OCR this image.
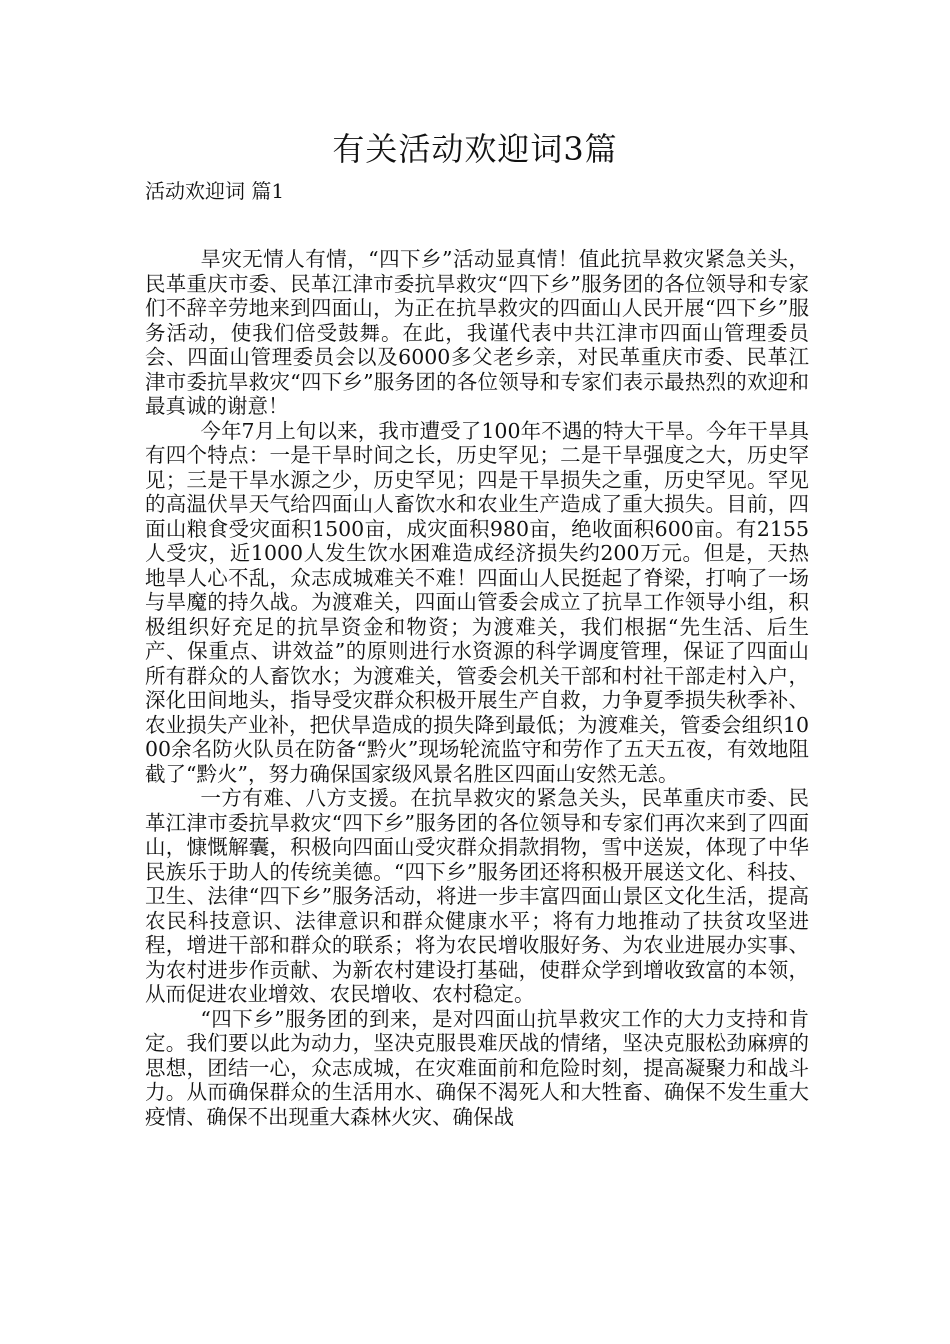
有关活动欢迎词3篇
活动欢迎词 篇1

旱灾无情人有情，“四下乡”活动显真情！值此抗旱救灾紧急关头，民革重庆市委、民革江津市委抗旱救灾“四下乡”服务团的各位领导和专家们不辞辛劳地来到四面山，为正在抗旱救灾的四面山人民开展“四下乡”服务活动，使我们倍受鼓舞。在此，我谨代表中共江津市四面山管理委员会、四面山管理委员会以及6000多父老乡亲，对民革重庆市委、民革江津市委抗旱救灾“四下乡”服务团的各位领导和专家们表示最热烈的欢迎和最真诚的谢意！

今年7月上旬以来，我市遭受了100年不遇的特大干旱。今年干旱具有四个特点：一是干旱时间之长，历史罕见；二是干旱强度之大，历史罕见；三是干旱水源之少，历史罕见；四是干旱损失之重，历史罕见。罕见的高温伏旱天气给四面山人畜饮水和农业生产造成了重大损失。目前，四面山粮食受灾面积1500亩，成灾面积980亩，绝收面积600亩。有2155人受灾，近1000人发生饮水困难造成经济损失约200万元。但是，天热地旱人心不乱，众志成城难关不难！四面山人民挺起了脊梁，打响了一场与旱魔的持久战。为渡难关，四面山管委会成立了抗旱工作领导小组，积极组织好充足的抗旱资金和物资；为渡难关，我们根据“先生活、后生产、保重点、讲效益”的原则进行水资源的科学调度管理，保证了四面山所有群众的人畜饮水；为渡难关，管委会机关干部和村社干部走村入户，深化田间地头，指导受灾群众积极开展生产自救，力争夏季损失秋季补、农业损失产业补，把伏旱造成的损失降到最低；为渡难关，管委会组织1000余名防火队员在防备“黔火”现场轮流监守和劳作了五天五夜，有效地阻截了“黔火”，努力确保国家级风景名胜区四面山安然无恙。

一方有难、八方支援。在抗旱救灾的紧急关头，民革重庆市委、民革江津市委抗旱救灾“四下乡”服务团的各位领导和专家们再次来到了四面山，慷慨解囊，积极向四面山受灾群众捐款捐物，雪中送炭，体现了中华民族乐于助人的传统美德。“四下乡”服务团还将积极开展送文化、科技、卫生、法律“四下乡”服务活动，将进一步丰富四面山景区文化生活，提高农民科技意识、法律意识和群众健康水平；将有力地推动了扶贫攻坚进程，增进干部和群众的联系；将为农民增收服好务、为农业进展办实事、为农村进步作贡献、为新农村建设打基础，使群众学到增收致富的本领，从而促进农业增效、农民增收、农村稳定。

“四下乡”服务团的到来，是对四面山抗旱救灾工作的大力支持和肯定。我们要以此为动力，坚决克服畏难厌战的情绪，坚决克服松劲麻痹的思想，团结一心，众志成城，在灾难面前和危险时刻，提高凝聚力和战斗力。从而确保群众的生活用水、确保不渴死人和大牲畜、确保不发生重大疫情、确保不出现重大森林火灾、确保战
